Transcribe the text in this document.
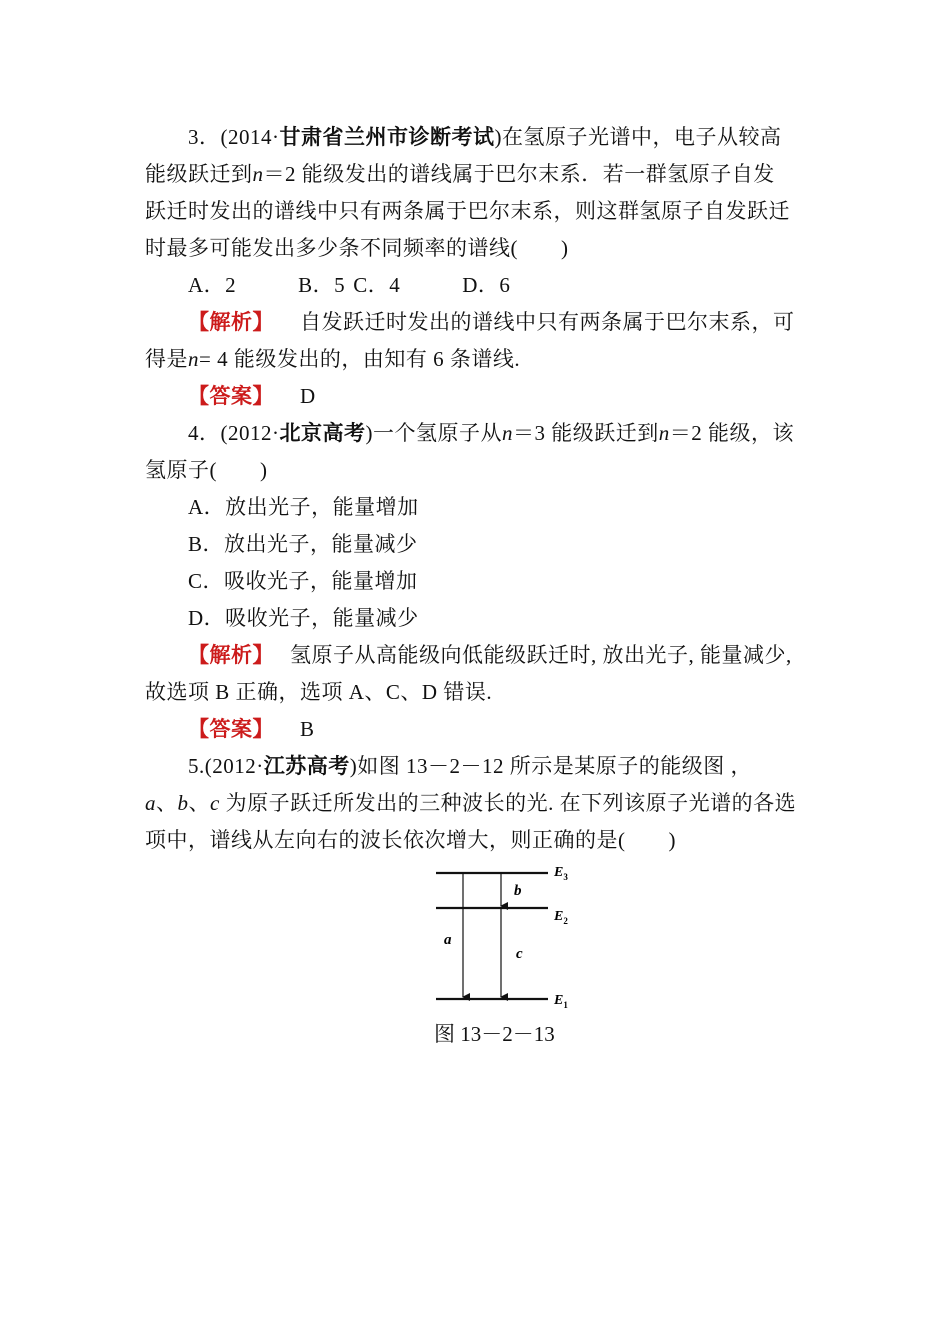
3．(2014·甘肃省兰州市诊断考试)在氢原子光谱中，电子从较高
能级跃迁到n＝2 能级发出的谱线属于巴尔末系．若一群氢原子自发
跃迁时发出的谱线中只有两条属于巴尔末系，则这群氢原子自发跃迁
时最多可能发出多少条不同频率的谱线(　　)
A．2	B．5 C．4	D．6
【解析】 自发跃迁时发出的谱线中只有两条属于巴尔末系，可
得是n= 4 能级发出的，由知有 6 条谱线.
【答案】 D
4．(2012·北京高考)一个氢原子从n＝3 能级跃迁到n＝2 能级，该
氢原子(　　)
A．放出光子，能量增加
B．放出光子，能量减少
C．吸收光子，能量增加
D．吸收光子，能量减少
【解析】 氢原子从高能级向低能级跃迁时, 放出光子, 能量减少,
故选项 B 正确，选项 A、C、D 错误.
【答案】 B
5.(2012·江苏高考)如图 13－2－12 所示是某原子的能级图 ，
a、b、c 为原子跃迁所发出的三种波长的光. 在下列该原子光谱的各选
项中，谱线从左向右的波长依次增大，则正确的是(　　)
a
b
c
$E_3$
$E_2$
$E_1$
图 13－2－13
